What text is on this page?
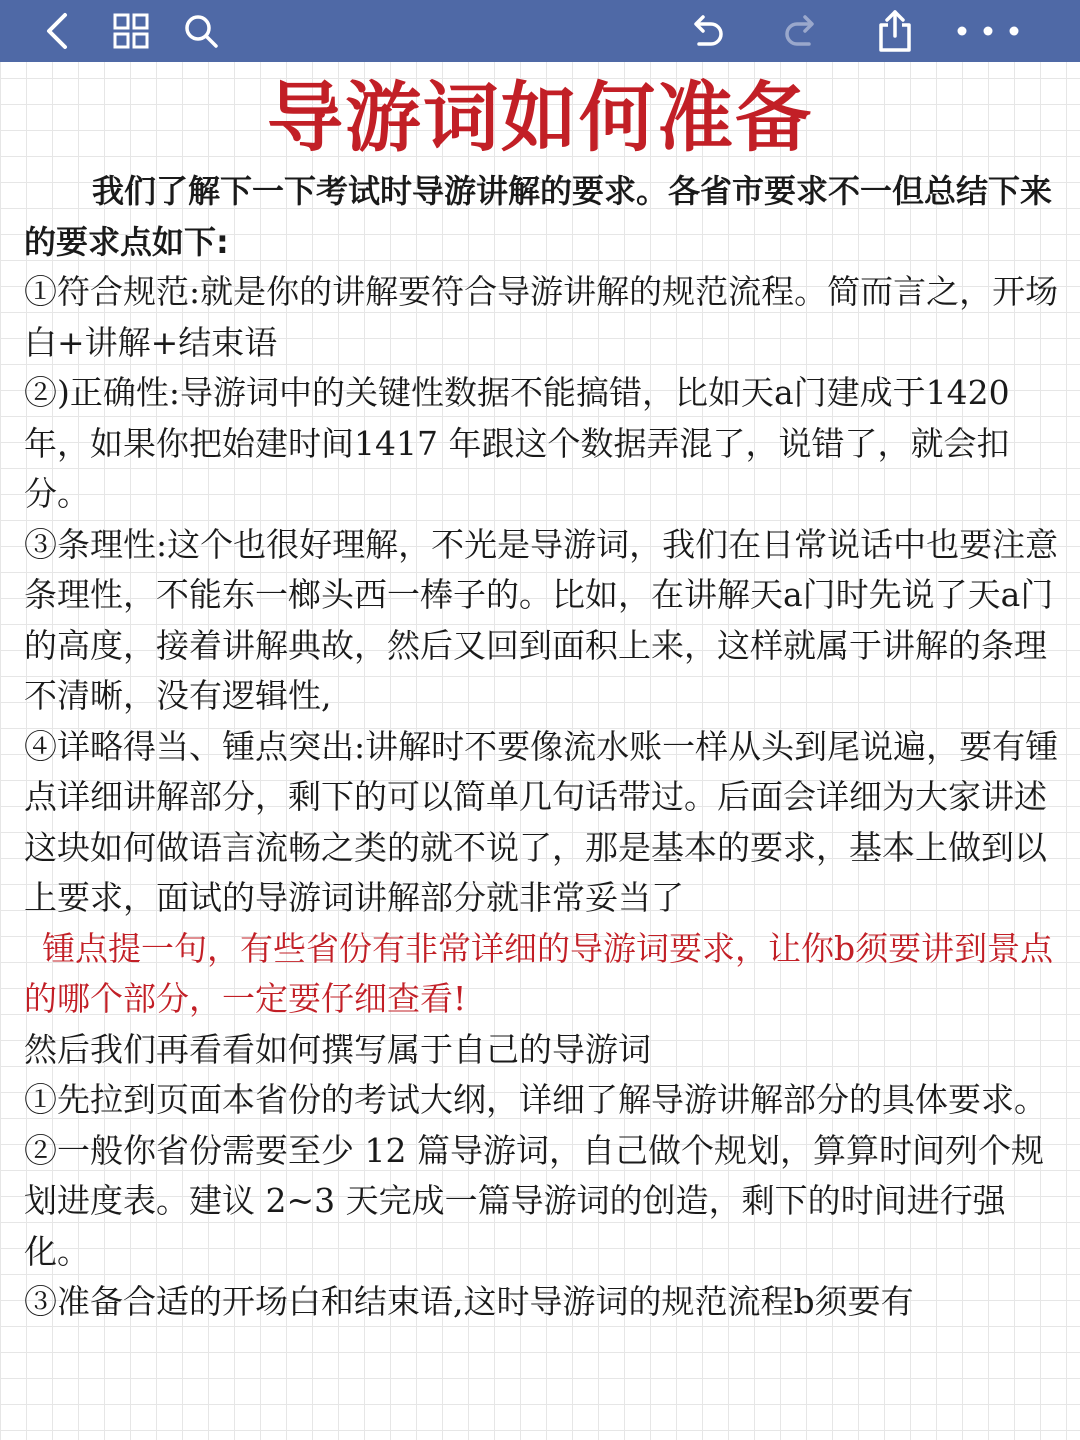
导游词如何准备

我们了解下一下考试时导游讲解的要求。各省市要求不一但总结下来的要求点如下:

①符合规范:就是你的讲解要符合导游讲解的规范流程。简而言之，开场白+讲解+结束语

②)正确性:导游词中的关键性数据不能搞错，比如天a门建成于1420 年，如果你把始建时间1417 年跟这个数据弄混了，说错了，就会扣分。

③条理性:这个也很好理解，不光是导游词，我们在日常说话中也要注意条理性，不能东一榔头西一棒子的。比如，在讲解天a门时先说了天a门的高度，接着讲解典故，然后又回到面积上来，这样就属于讲解的条理不清晰，没有逻辑性,

④详略得当、锺点突出:讲解时不要像流水账一样从头到尾说遍，要有锺点详细讲解部分，剩下的可以简单几句话带过。后面会详细为大家讲述这块如何做语言流畅之类的就不说了，那是基本的要求，基本上做到以上要求，面试的导游词讲解部分就非常妥当了

锺点提一句，有些省份有非常详细的导游词要求，让你b须要讲到景点的哪个部分，一定要仔细查看!

然后我们再看看如何撰写属于自己的导游词

①先拉到页面本省份的考试大纲，详细了解导游讲解部分的具体要求。

②一般你省份需要至少 12 篇导游词，自己做个规划，算算时间列个规划进度表。建议 2~3 天完成一篇导游词的创造，剩下的时间进行强化。

③准备合适的开场白和结束语,这时导游词的规范流程b须要有
